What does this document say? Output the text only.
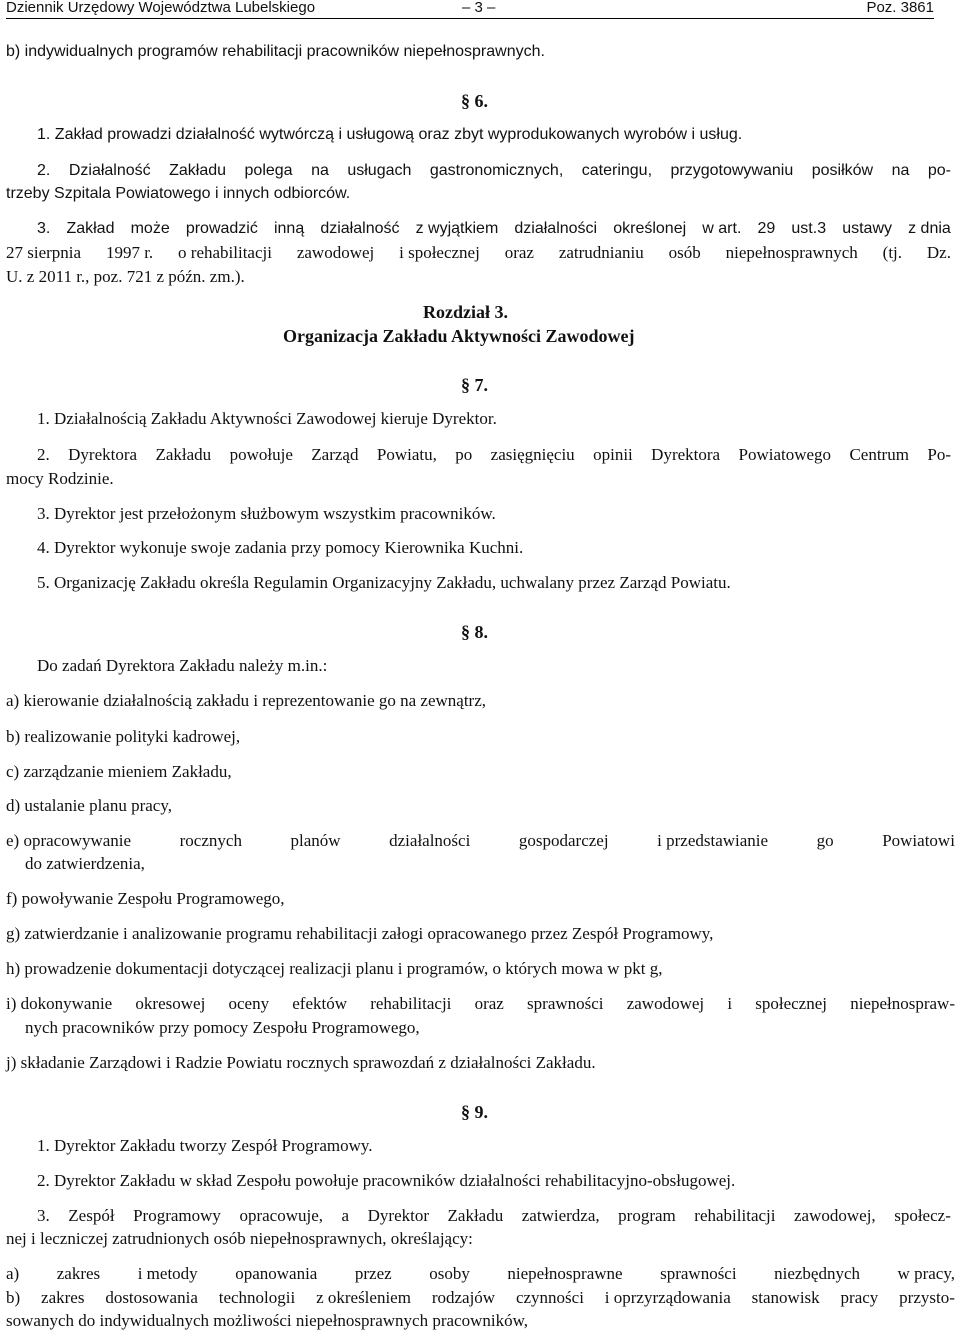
Dziennik Urzędowy Województwa Lubelskiego	– 3 –	Poz. 3861
b) indywidualnych programów rehabilitacji pracowników niepełnosprawnych.
§ 6.
1. Zakład prowadzi działalność wytwórczą i usługową oraz zbyt wyprodukowanych wyrobów i usług.
2. Działalność Zakładu polega na usługach gastronomicznych, cateringu, przygotowywaniu posiłków na po-
trzeby Szpitala Powiatowego i innych odbiorców.
3. Zakład może prowadzić inną działalność z wyjątkiem działalności określonej w art. 29 ust.3 ustawy z dnia
27 sierpnia 1997 r. o rehabilitacji zawodowej i społecznej oraz zatrudnianiu osób niepełnosprawnych (tj. Dz.
U. z 2011 r., poz. 721 z późn. zm.).
Rozdział 3.
Organizacja Zakładu Aktywności Zawodowej
§ 7.
1. Działalnością Zakładu Aktywności Zawodowej kieruje Dyrektor.
2. Dyrektora Zakładu powołuje Zarząd Powiatu, po zasięgnięciu opinii Dyrektora Powiatowego Centrum Po-
mocy Rodzinie.
3. Dyrektor jest przełożonym służbowym wszystkim pracowników.
4. Dyrektor wykonuje swoje zadania przy pomocy Kierownika Kuchni.
5. Organizację Zakładu określa Regulamin Organizacyjny Zakładu, uchwalany przez Zarząd Powiatu.
§ 8.
Do zadań Dyrektora Zakładu należy m.in.:
a) kierowanie działalnością zakładu i reprezentowanie go na zewnątrz,
b) realizowanie polityki kadrowej,
c) zarządzanie mieniem Zakładu,
d) ustalanie planu pracy,
e) opracowywanie	rocznych	planów	działalności	gospodarczej	i przedstawianie	go	Powiatowi
do zatwierdzenia,
f) powoływanie Zespołu Programowego,
g) zatwierdzanie i analizowanie programu rehabilitacji załogi opracowanego przez Zespół Programowy,
h) prowadzenie dokumentacji dotyczącej realizacji planu i programów, o których mowa w pkt g,
i) dokonywanie okresowej oceny efektów rehabilitacji oraz sprawności zawodowej i społecznej niepełnospraw-
nych pracowników przy pomocy Zespołu Programowego,
j) składanie Zarządowi i Radzie Powiatu rocznych sprawozdań z działalności Zakładu.
§ 9.
1. Dyrektor Zakładu tworzy Zespół Programowy.
2. Dyrektor Zakładu w skład Zespołu powołuje pracowników działalności rehabilitacyjno-obsługowej.
3. Zespół Programowy opracowuje, a Dyrektor Zakładu zatwierdza, program rehabilitacji zawodowej, społecz-
nej i leczniczej zatrudnionych osób niepełnosprawnych, określający:
a) zakres i metody opanowania przez osoby niepełnosprawne sprawności niezbędnych w pracy,
b) zakres dostosowania technologii z określeniem rodzajów czynności i oprzyrządowania stanowisk pracy przysto-
sowanych do indywidualnych możliwości niepełnosprawnych pracowników,
